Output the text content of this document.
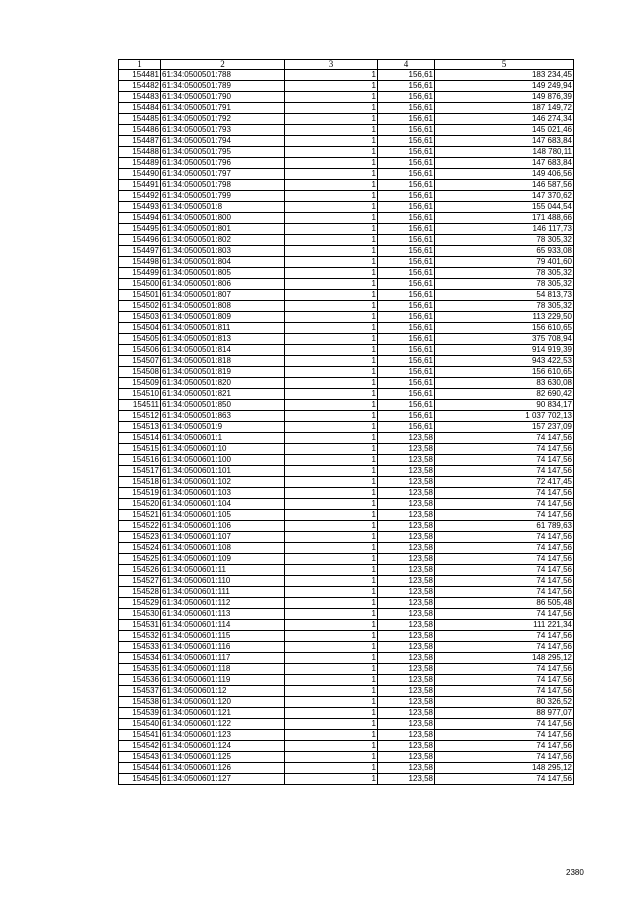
1	2	3	4	5
154481	61:34:0500501:788	1	156,61	183 234,45
154482	61:34:0500501:789	1	156,61	149 249,94
154483	61:34:0500501:790	1	156,61	149 876,39
154484	61:34:0500501:791	1	156,61	187 149,72
154485	61:34:0500501:792	1	156,61	146 274,34
154486	61:34:0500501:793	1	156,61	145 021,46
154487	61:34:0500501:794	1	156,61	147 683,84
154488	61:34:0500501:795	1	156,61	148 780,11
154489	61:34:0500501:796	1	156,61	147 683,84
154490	61:34:0500501:797	1	156,61	149 406,56
154491	61:34:0500501:798	1	156,61	146 587,56
154492	61:34:0500501:799	1	156,61	147 370,62
154493	61:34:0500501:8	1	156,61	155 044,54
154494	61:34:0500501:800	1	156,61	171 488,66
154495	61:34:0500501:801	1	156,61	146 117,73
154496	61:34:0500501:802	1	156,61	78 305,32
154497	61:34:0500501:803	1	156,61	65 933,08
154498	61:34:0500501:804	1	156,61	79 401,60
154499	61:34:0500501:805	1	156,61	78 305,32
154500	61:34:0500501:806	1	156,61	78 305,32
154501	61:34:0500501:807	1	156,61	54 813,73
154502	61:34:0500501:808	1	156,61	78 305,32
154503	61:34:0500501:809	1	156,61	113 229,50
154504	61:34:0500501:811	1	156,61	156 610,65
154505	61:34:0500501:813	1	156,61	375 708,94
154506	61:34:0500501:814	1	156,61	914 919,39
154507	61:34:0500501:818	1	156,61	943 422,53
154508	61:34:0500501:819	1	156,61	156 610,65
154509	61:34:0500501:820	1	156,61	83 630,08
154510	61:34:0500501:821	1	156,61	82 690,42
154511	61:34:0500501:850	1	156,61	90 834,17
154512	61:34:0500501:863	1	156,61	1 037 702,13
154513	61:34:0500501:9	1	156,61	157 237,09
154514	61:34:0500601:1	1	123,58	74 147,56
154515	61:34:0500601:10	1	123,58	74 147,56
154516	61:34:0500601:100	1	123,58	74 147,56
154517	61:34:0500601:101	1	123,58	74 147,56
154518	61:34:0500601:102	1	123,58	72 417,45
154519	61:34:0500601:103	1	123,58	74 147,56
154520	61:34:0500601:104	1	123,58	74 147,56
154521	61:34:0500601:105	1	123,58	74 147,56
154522	61:34:0500601:106	1	123,58	61 789,63
154523	61:34:0500601:107	1	123,58	74 147,56
154524	61:34:0500601:108	1	123,58	74 147,56
154525	61:34:0500601:109	1	123,58	74 147,56
154526	61:34:0500601:11	1	123,58	74 147,56
154527	61:34:0500601:110	1	123,58	74 147,56
154528	61:34:0500601:111	1	123,58	74 147,56
154529	61:34:0500601:112	1	123,58	86 505,48
154530	61:34:0500601:113	1	123,58	74 147,56
154531	61:34:0500601:114	1	123,58	111 221,34
154532	61:34:0500601:115	1	123,58	74 147,56
154533	61:34:0500601:116	1	123,58	74 147,56
154534	61:34:0500601:117	1	123,58	148 295,12
154535	61:34:0500601:118	1	123,58	74 147,56
154536	61:34:0500601:119	1	123,58	74 147,56
154537	61:34:0500601:12	1	123,58	74 147,56
154538	61:34:0500601:120	1	123,58	80 326,52
154539	61:34:0500601:121	1	123,58	88 977,07
154540	61:34:0500601:122	1	123,58	74 147,56
154541	61:34:0500601:123	1	123,58	74 147,56
154542	61:34:0500601:124	1	123,58	74 147,56
154543	61:34:0500601:125	1	123,58	74 147,56
154544	61:34:0500601:126	1	123,58	148 295,12
154545	61:34:0500601:127	1	123,58	74 147,56
2380
